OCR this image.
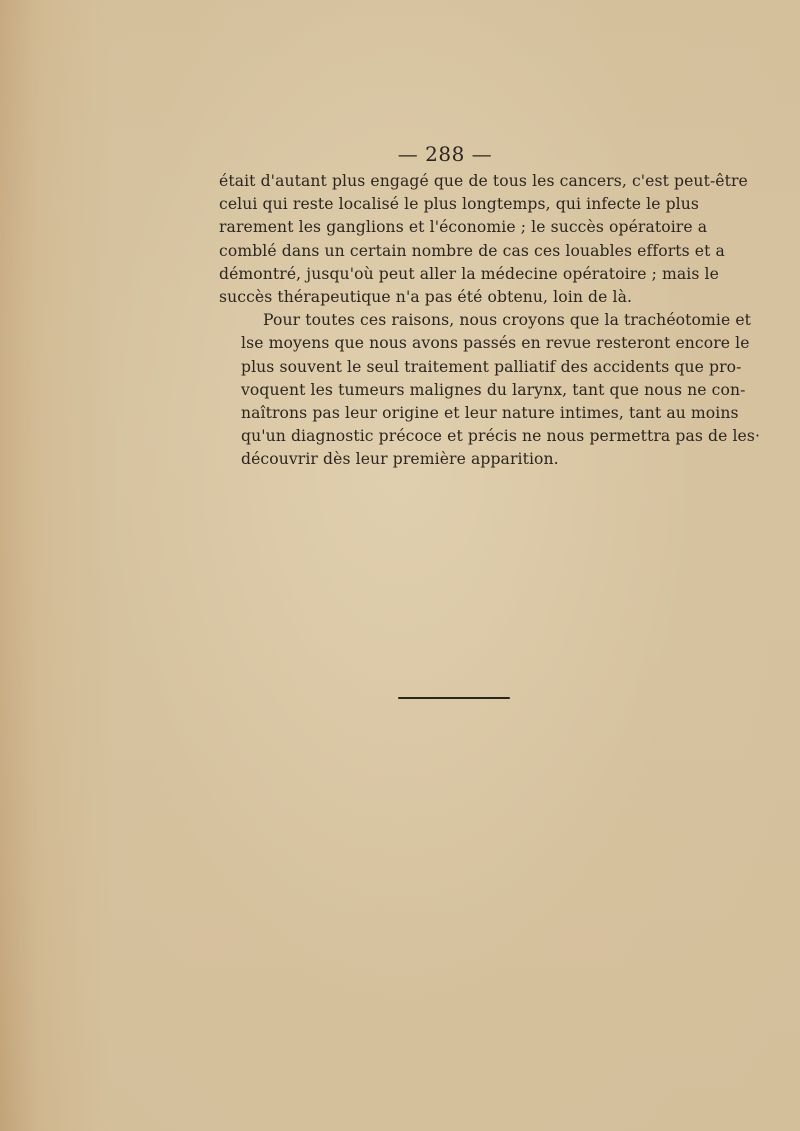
— 288 —

était d'autant plus engagé que de tous les cancers, c'est peut-être
celui qui reste localisé le plus longtemps, qui infecte le plus
rarement les ganglions et l'économie ; le succès opératoire a
comblé dans un certain nombre de cas ces louables efforts et a
démontré, jusqu'où peut aller la médecine opératoire ; mais le
succès thérapeutique n'a pas été obtenu, loin de là.

Pour toutes ces raisons, nous croyons que la trachéotomie et
lse moyens que nous avons passés en revue resteront encore le
plus souvent le seul traitement palliatif des accidents que pro-
voquent les tumeurs malignes du larynx, tant que nous ne con-
naîtrons pas leur origine et leur nature intimes, tant au moins
qu'un diagnostic précoce et précis ne nous permettra pas de les·
découvrir dès leur première apparition.
